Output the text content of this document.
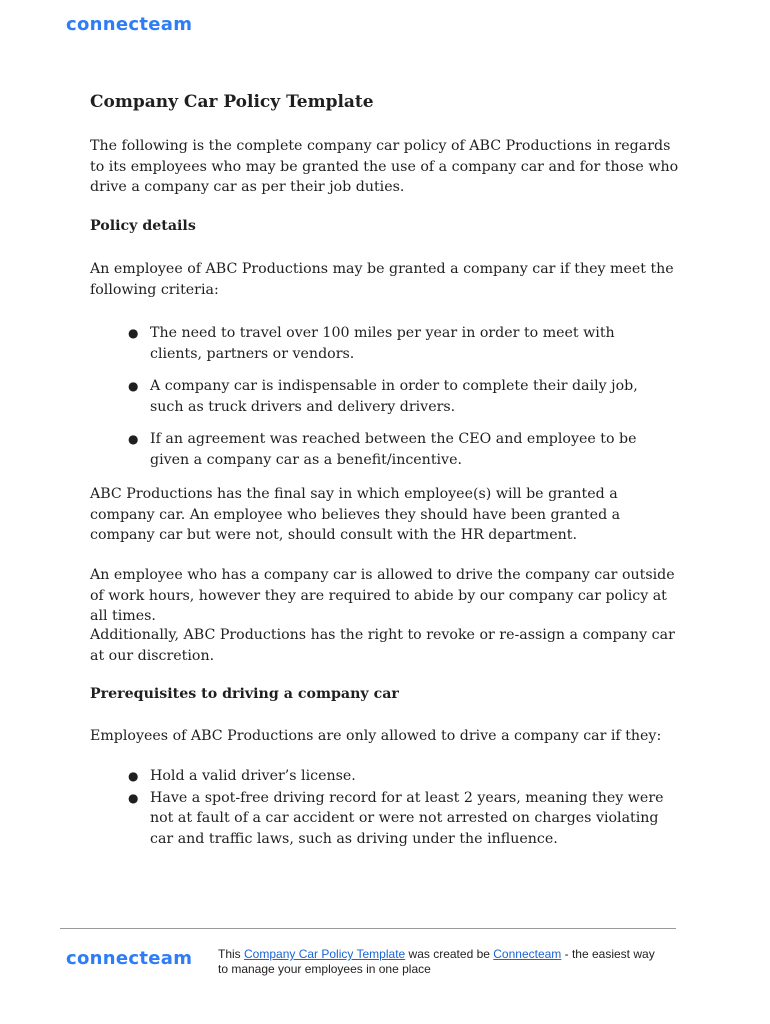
connecteam
Company Car Policy Template

The following is the complete company car policy of ABC Productions in regards to its employees who may be granted the use of a company car and for those who drive a company car as per their job duties.

Policy details

An employee of ABC Productions may be granted a company car if they meet the following criteria:

● The need to travel over 100 miles per year in order to meet with clients, partners or vendors.
● A company car is indispensable in order to complete their daily job, such as truck drivers and delivery drivers.
● If an agreement was reached between the CEO and employee to be given a company car as a benefit/incentive.

ABC Productions has the final say in which employee(s) will be granted a company car. An employee who believes they should have been granted a company car but were not, should consult with the HR department.

An employee who has a company car is allowed to drive the company car outside of work hours, however they are required to abide by our company car policy at all times.

Additionally, ABC Productions has the right to revoke or re-assign a company car at our discretion.

Prerequisites to driving a company car

Employees of ABC Productions are only allowed to drive a company car if they:

● Hold a valid driver’s license.
● Have a spot-free driving record for at least 2 years, meaning they were not at fault of a car accident or were not arrested on charges violating car and traffic laws, such as driving under the influence.
connecteam This Company Car Policy Template was created be Connecteam - the easiest way to manage your employees in one place
